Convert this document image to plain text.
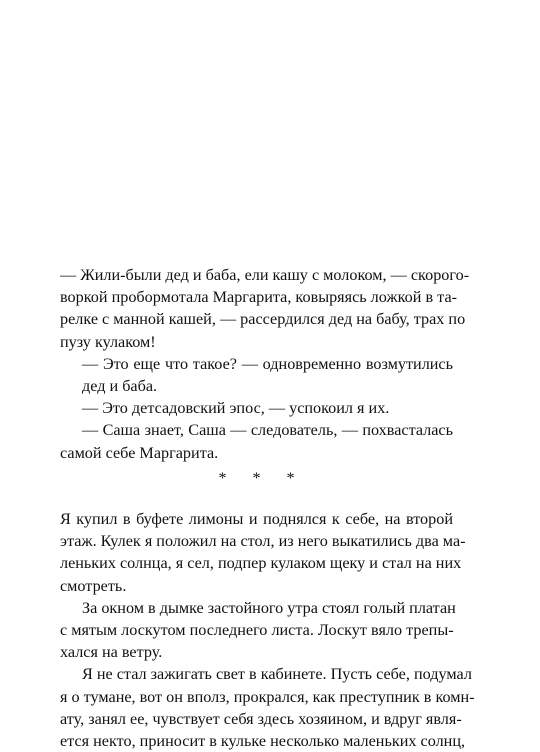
— Жили-были дед и баба, ели кашу с молоком, — скорого-
воркой пробормотала Маргарита, ковыряясь ложкой в та-
релке с манной кашей, — рассердился дед на бабу, трах по
пузу кулаком!

— Это еще что такое? — одновременно возмутились
дед и баба.

— Это детсадовский эпос, — успокоил я их.

— Саша знает, Саша — следователь, — похвасталась
самой себе Маргарита.

* * *

Я купил в буфете лимоны и поднялся к себе, на второй
этаж. Кулек я положил на стол, из него выкатились два ма-
леньких солнца, я сел, подпер кулаком щеку и стал на них
смотреть.

За окном в дымке застойного утра стоял голый платан
с мятым лоскутом последнего листа. Лоскут вяло трепы-
хался на ветру.

Я не стал зажигать свет в кабинете. Пусть себе, подумал
я о тумане, вот он вполз, прокрался, как преступник в комн-
ату, занял ее, чувствует себя здесь хозяином, и вдруг явля-
ется некто, приносит в кульке несколько маленьких солнц,
